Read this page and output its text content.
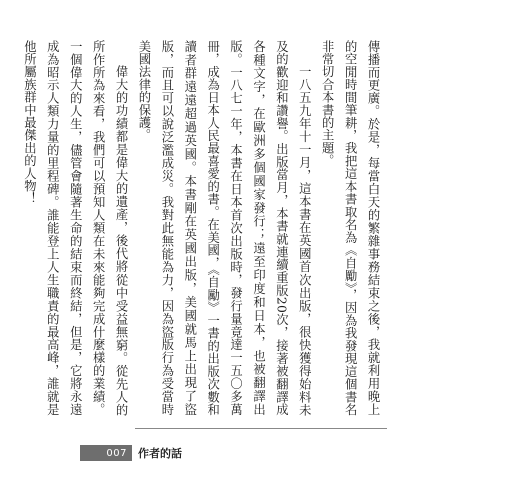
傳播而更廣。於是，每當白天的繁雜事務結束之後，我就利用晚上的空閒時間筆耕，我把這本書取名為《自勵》，因為我發現這個書名非常切合本書的主題。

一八五九年十一月，這本書在英國首次出版，很快獲得始料未及的歡迎和讚譽。出版當月，本書就連續重版20次，接著被翻譯成各種文字，在歐洲多個國家發行；遠至印度和日本，也被翻譯出版。一八七一年，本書在日本首次出版時，發行量竟達一五〇多萬冊，成為日本人民最喜愛的書。在美國，《自勵》一書的出版次數和讀者群遠遠超過英國。本書剛在英國出版，美國就馬上出現了盜版，而且可以說泛濫成災。我對此無能為力，因為盜版行為受當時美國法律的保護。

偉大的功績都是偉大的遺產，後代將從中受益無窮。從先人的所作所為來看，我們可以預知人類在未來能夠完成什麼樣的業績。一個偉大的人生，儘管會隨著生命的結束而終結，但是，它將永遠成為昭示人類力量的里程碑。誰能登上人生職責的最高峰，誰就是他所屬族群中最傑出的人物！

007 作者的話
